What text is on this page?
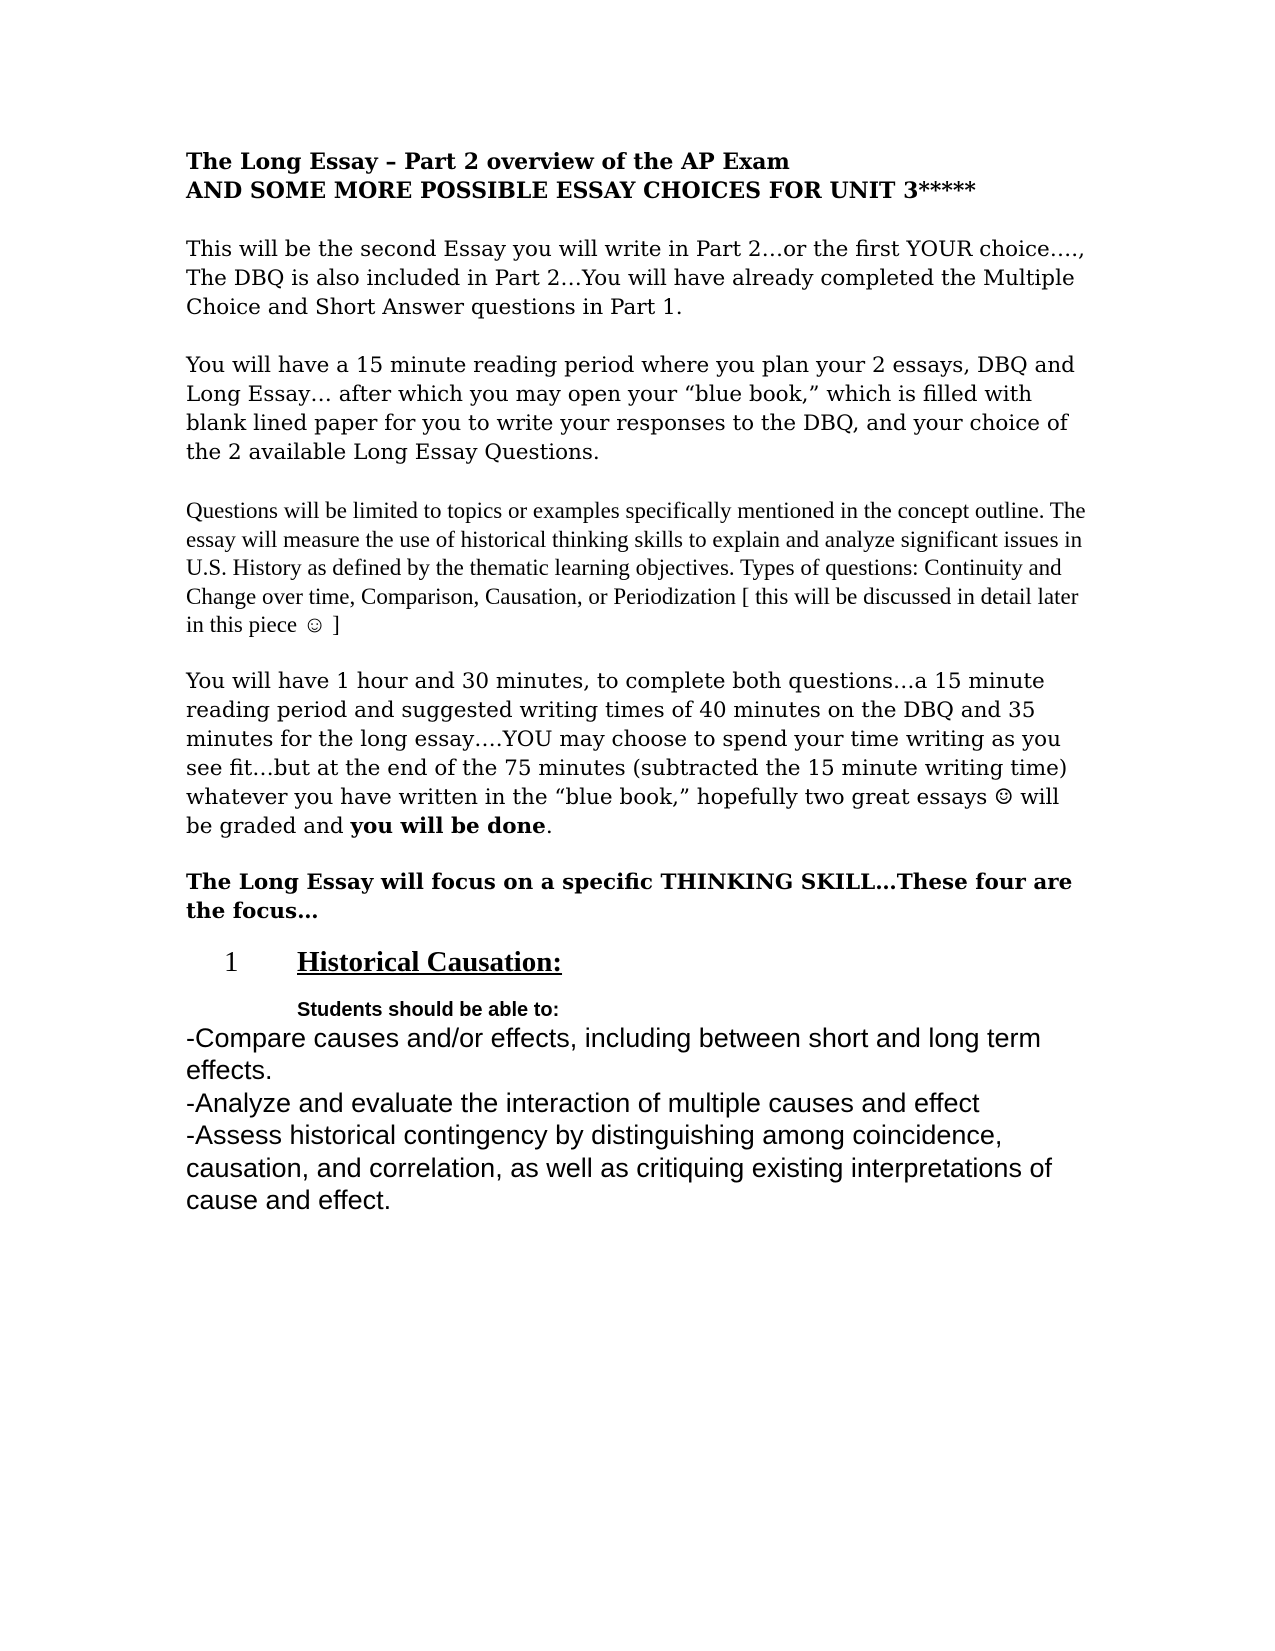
The Long Essay – Part 2 overview of the AP Exam

AND SOME MORE POSSIBLE ESSAY CHOICES FOR UNIT 3*****

This will be the second Essay you will write in Part 2…or the first YOUR choice…., The DBQ is also included in Part 2…You will have already completed the Multiple Choice and Short Answer questions in Part 1.

You will have a 15 minute reading period where you plan your 2 essays, DBQ and Long Essay… after which you may open your “blue book,” which is filled with blank lined paper for you to write your responses to the DBQ, and your choice of the 2 available Long Essay Questions.

Questions will be limited to topics or examples specifically mentioned in the concept outline. The essay will measure the use of historical thinking skills to explain and analyze significant issues in U.S. History as defined by the thematic learning objectives. Types of questions: Continuity and Change over time, Comparison, Causation, or Periodization [ this will be discussed in detail later in this piece ☺ ]

You will have 1 hour and 30 minutes, to complete both questions…a 15 minute reading period and suggested writing times of 40 minutes on the DBQ and 35 minutes for the long essay….YOU may choose to spend your time writing as you see fit…but at the end of the 75 minutes (subtracted the 15 minute writing time) whatever you have written in the “blue book,” hopefully two great essays ☺ will be graded and you will be done.

The Long Essay will focus on a specific THINKING SKILL…These four are the focus…

1	Historical Causation:

Students should be able to:

-Compare causes and/or effects, including between short and long term effects.

-Analyze and evaluate the interaction of multiple causes and effect

-Assess historical contingency by distinguishing among coincidence, causation, and correlation, as well as critiquing existing interpretations of cause and effect.
